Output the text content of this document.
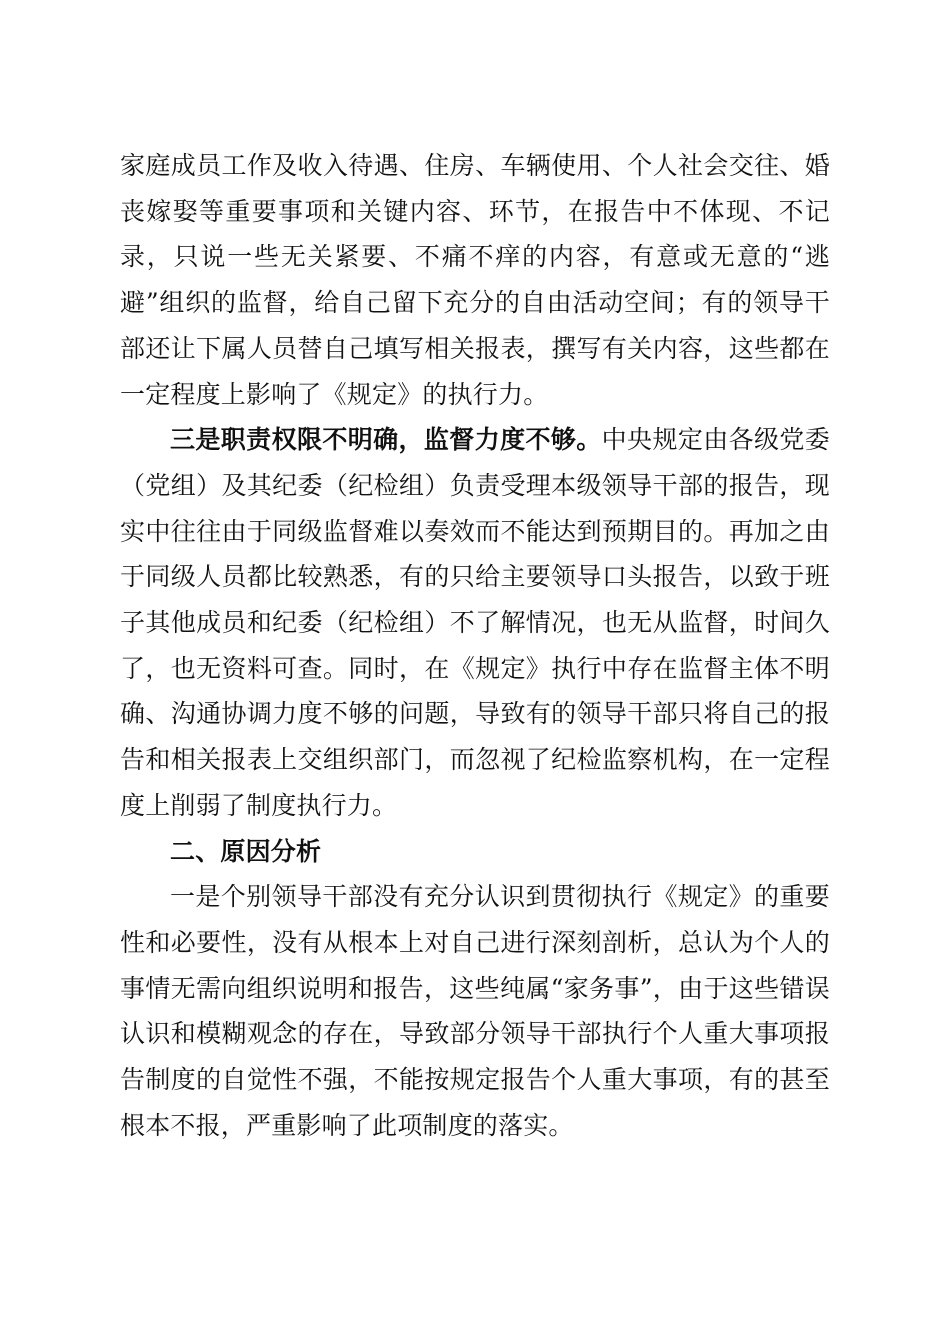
家庭成员工作及收入待遇、住房、车辆使用、个人社会交往、婚丧嫁娶等重要事项和关键内容、环节，在报告中不体现、不记录，只说一些无关紧要、不痛不痒的内容，有意或无意的“逃避”组织的监督，给自己留下充分的自由活动空间；有的领导干部还让下属人员替自己填写相关报表，撰写有关内容，这些都在一定程度上影响了《规定》的执行力。

三是职责权限不明确，监督力度不够。中央规定由各级党委（党组）及其纪委（纪检组）负责受理本级领导干部的报告，现实中往往由于同级监督难以奏效而不能达到预期目的。再加之由于同级人员都比较熟悉，有的只给主要领导口头报告，以致于班子其他成员和纪委（纪检组）不了解情况，也无从监督，时间久了，也无资料可查。同时，在《规定》执行中存在监督主体不明确、沟通协调力度不够的问题，导致有的领导干部只将自己的报告和相关报表上交组织部门，而忽视了纪检监察机构，在一定程度上削弱了制度执行力。

二、原因分析

一是个别领导干部没有充分认识到贯彻执行《规定》的重要性和必要性，没有从根本上对自己进行深刻剖析，总认为个人的事情无需向组织说明和报告，这些纯属“家务事”，由于这些错误认识和模糊观念的存在，导致部分领导干部执行个人重大事项报告制度的自觉性不强，不能按规定报告个人重大事项，有的甚至根本不报，严重影响了此项制度的落实。
